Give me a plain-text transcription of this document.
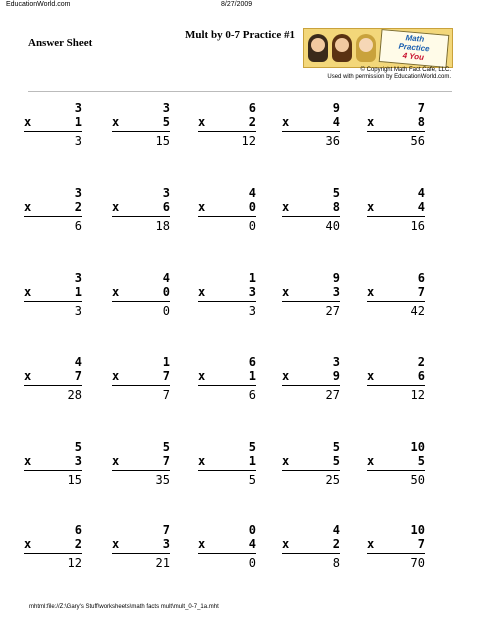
EducationWorld.com	8/27/2009
Answer Sheet
Mult by 0-7 Practice #1	Math
Practice
4 You
© Copyright Math Fact Cafe, LLC.
Used with permission by EducationWorld.com.
3
x	1
3
3
x	5
15
6
x	2
12
9
x	4
36
7
x	8
56
3
x	2
6
3
x	6
18
4
x	0
0
5
x	8
40
4
x	4
16
3
x	1
3
4
x	0
0
1
x	3
3
9
x	3
27
6
x	7
42
4
x	7
28
1
x	7
7
6
x	1
6
3
x	9
27
2
x	6
12
5
x	3
15
5
x	7
35
5
x	1
5
5
x	5
25
10
x	5
50
6
x	2
12
7
x	3
21
0
x	4
0
4
x	2
8
10
x	7
70
mhtml:file://Z:\Gary's Stuff\worksheets\math facts mult\mult_0-7_1a.mht
